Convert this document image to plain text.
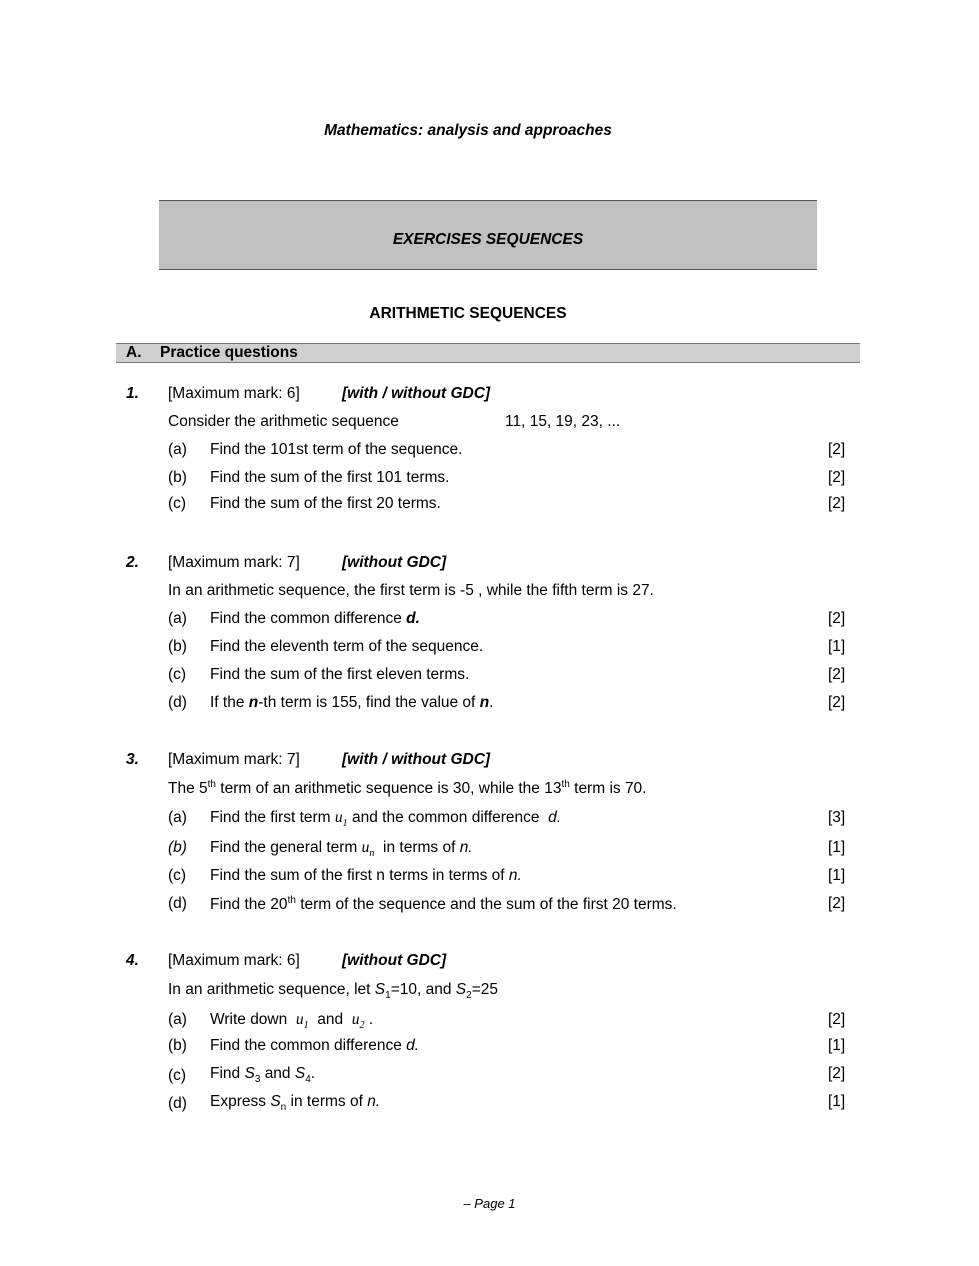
Mathematics: analysis and approaches
EXERCISES SEQUENCES
ARITHMETIC SEQUENCES
A. Practice questions
1. [Maximum mark: 6]	[with / without GDC]
Consider the arithmetic sequence	11, 15, 19, 23, ...
(a) Find the 101st term of the sequence.	[2]
(b) Find the sum of the first 101 terms.	[2]
(c) Find the sum of the first 20 terms.	[2]
2. [Maximum mark: 7]	[without GDC]
In an arithmetic sequence, the first term is -5 , while the fifth term is 27.
(a) Find the common difference d.	[2]
(b) Find the eleventh term of the sequence.	[1]
(c) Find the sum of the first eleven terms.	[2]
(d) If the n-th term is 155, find the value of n.	[2]
3. [Maximum mark: 7]	[with / without GDC]
The 5th term of an arithmetic sequence is 30, while the 13th term is 70.
(a) Find the first term $u_1$ and the common difference d.	[3]
(b) Find the general term $u_n$ in terms of n.	[1]
(c) Find the sum of the first n terms in terms of n.	[1]
(d) Find the 20th term of the sequence and the sum of the first 20 terms.	[2]
4. [Maximum mark: 6]	[without GDC]
In an arithmetic sequence, let $S_1=10$, and $S_2=25$
(a) Write down $u_1$ and $u_2$ .	[2]
(b) Find the common difference d.	[1]
(c) Find $S_3$ and $S_4$.	[2]
(d) Express $S_n$ in terms of n.	[1]
– Page 1
